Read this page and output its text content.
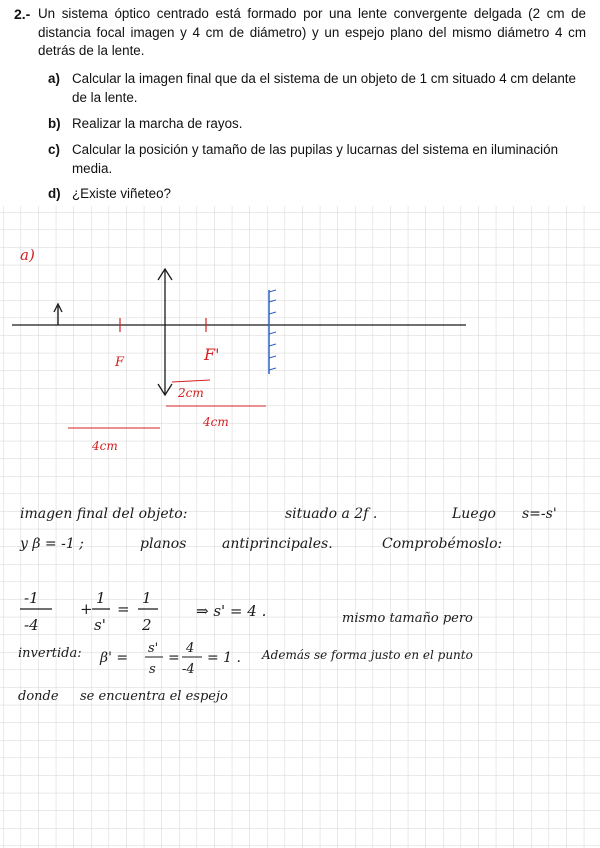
2.- Un sistema óptico centrado está formado por una lente convergente delgada (2 cm de distancia focal imagen y 4 cm de diámetro) y un espejo plano del mismo diámetro 4 cm detrás de la lente.
a) Calcular la imagen final que da el sistema de un objeto de 1 cm situado 4 cm delante de la lente.
b) Realizar la marcha de rayos.
c) Calcular la posición y tamaño de las pupilas y lucarnas del sistema en iluminación media.
d) ¿Existe viñeteo?
a)
F	F'
2cm
4cm
4cm
imagen final del objeto:	situado a 2f .	Luego s=-s'
y β = -1 ;	planos	antiprincipales.	Comprobémoslo:
-1
-4
+
1
s'
=
1
2
⇒ s' = 4 .	mismo tamaño pero
invertida: β' =
s'
s
=
4
-4
= 1 . Además se forma justo en el punto
donde se encuentra el espejo
